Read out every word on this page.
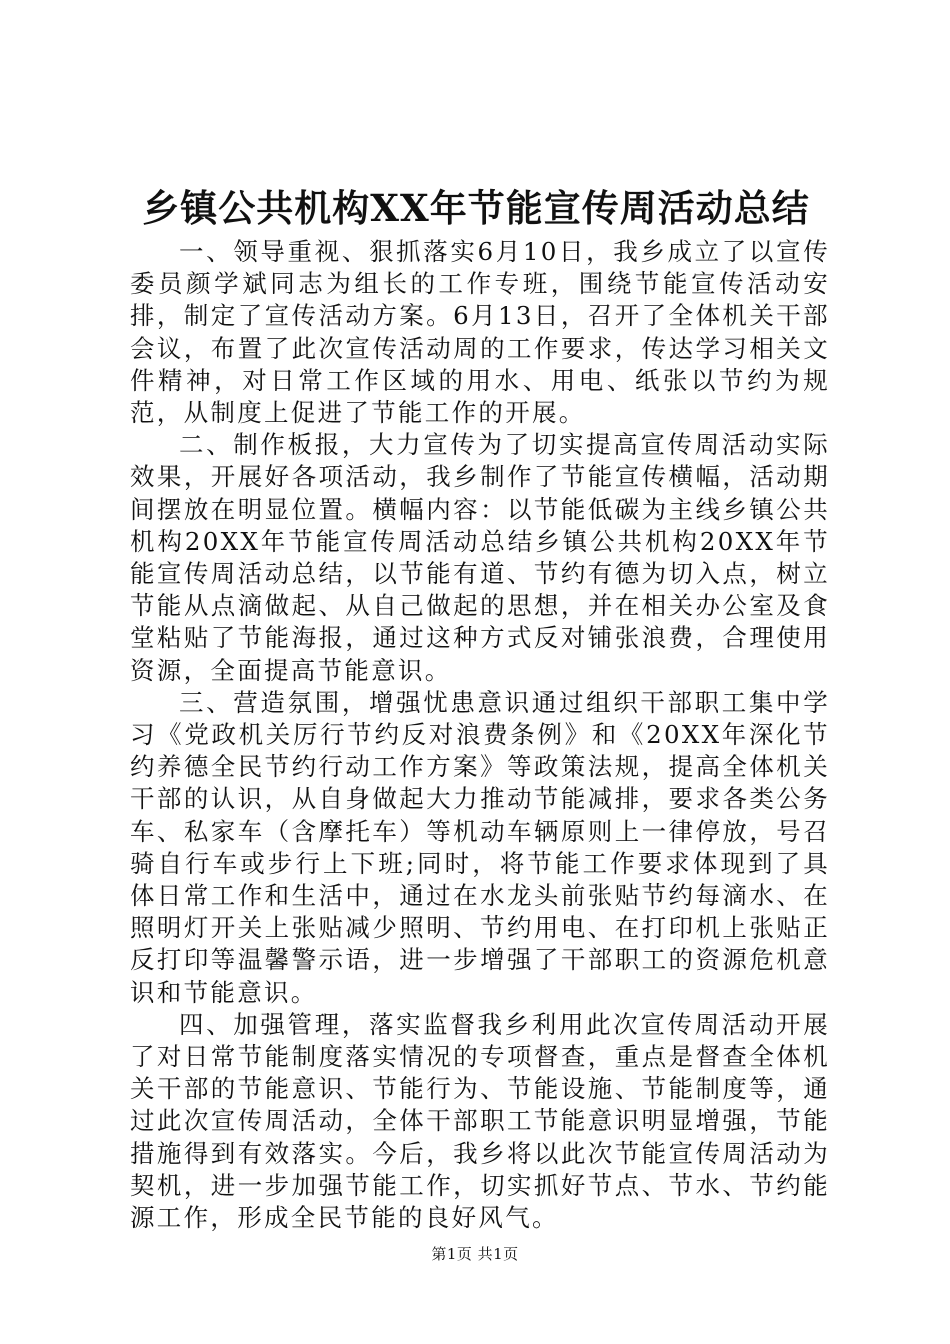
乡镇公共机构XX年节能宣传周活动总结

一、领导重视、狠抓落实6月10日，我乡成立了以宣传委员颜学斌同志为组长的工作专班，围绕节能宣传活动安排，制定了宣传活动方案。6月13日，召开了全体机关干部会议，布置了此次宣传活动周的工作要求，传达学习相关文件精神，对日常工作区域的用水、用电、纸张以节约为规范，从制度上促进了节能工作的开展。

二、制作板报，大力宣传为了切实提高宣传周活动实际效果，开展好各项活动，我乡制作了节能宣传横幅，活动期间摆放在明显位置。横幅内容：以节能低碳为主线乡镇公共机构20XX年节能宣传周活动总结乡镇公共机构20XX年节能宣传周活动总结，以节能有道、节约有德为切入点，树立节能从点滴做起、从自己做起的思想，并在相关办公室及食堂粘贴了节能海报，通过这种方式反对铺张浪费，合理使用资源，全面提高节能意识。

三、营造氛围，增强忧患意识通过组织干部职工集中学习《党政机关厉行节约反对浪费条例》和《20XX年深化节约养德全民节约行动工作方案》等政策法规，提高全体机关干部的认识，从自身做起大力推动节能减排，要求各类公务车、私家车（含摩托车）等机动车辆原则上一律停放，号召骑自行车或步行上下班;同时，将节能工作要求体现到了具体日常工作和生活中，通过在水龙头前张贴节约每滴水、在照明灯开关上张贴减少照明、节约用电、在打印机上张贴正反打印等温馨警示语，进一步增强了干部职工的资源危机意识和节能意识。

四、加强管理，落实监督我乡利用此次宣传周活动开展了对日常节能制度落实情况的专项督查，重点是督查全体机关干部的节能意识、节能行为、节能设施、节能制度等，通过此次宣传周活动，全体干部职工节能意识明显增强，节能措施得到有效落实。今后，我乡将以此次节能宣传周活动为契机，进一步加强节能工作，切实抓好节点、节水、节约能源工作，形成全民节能的良好风气。

第1页 共1页
